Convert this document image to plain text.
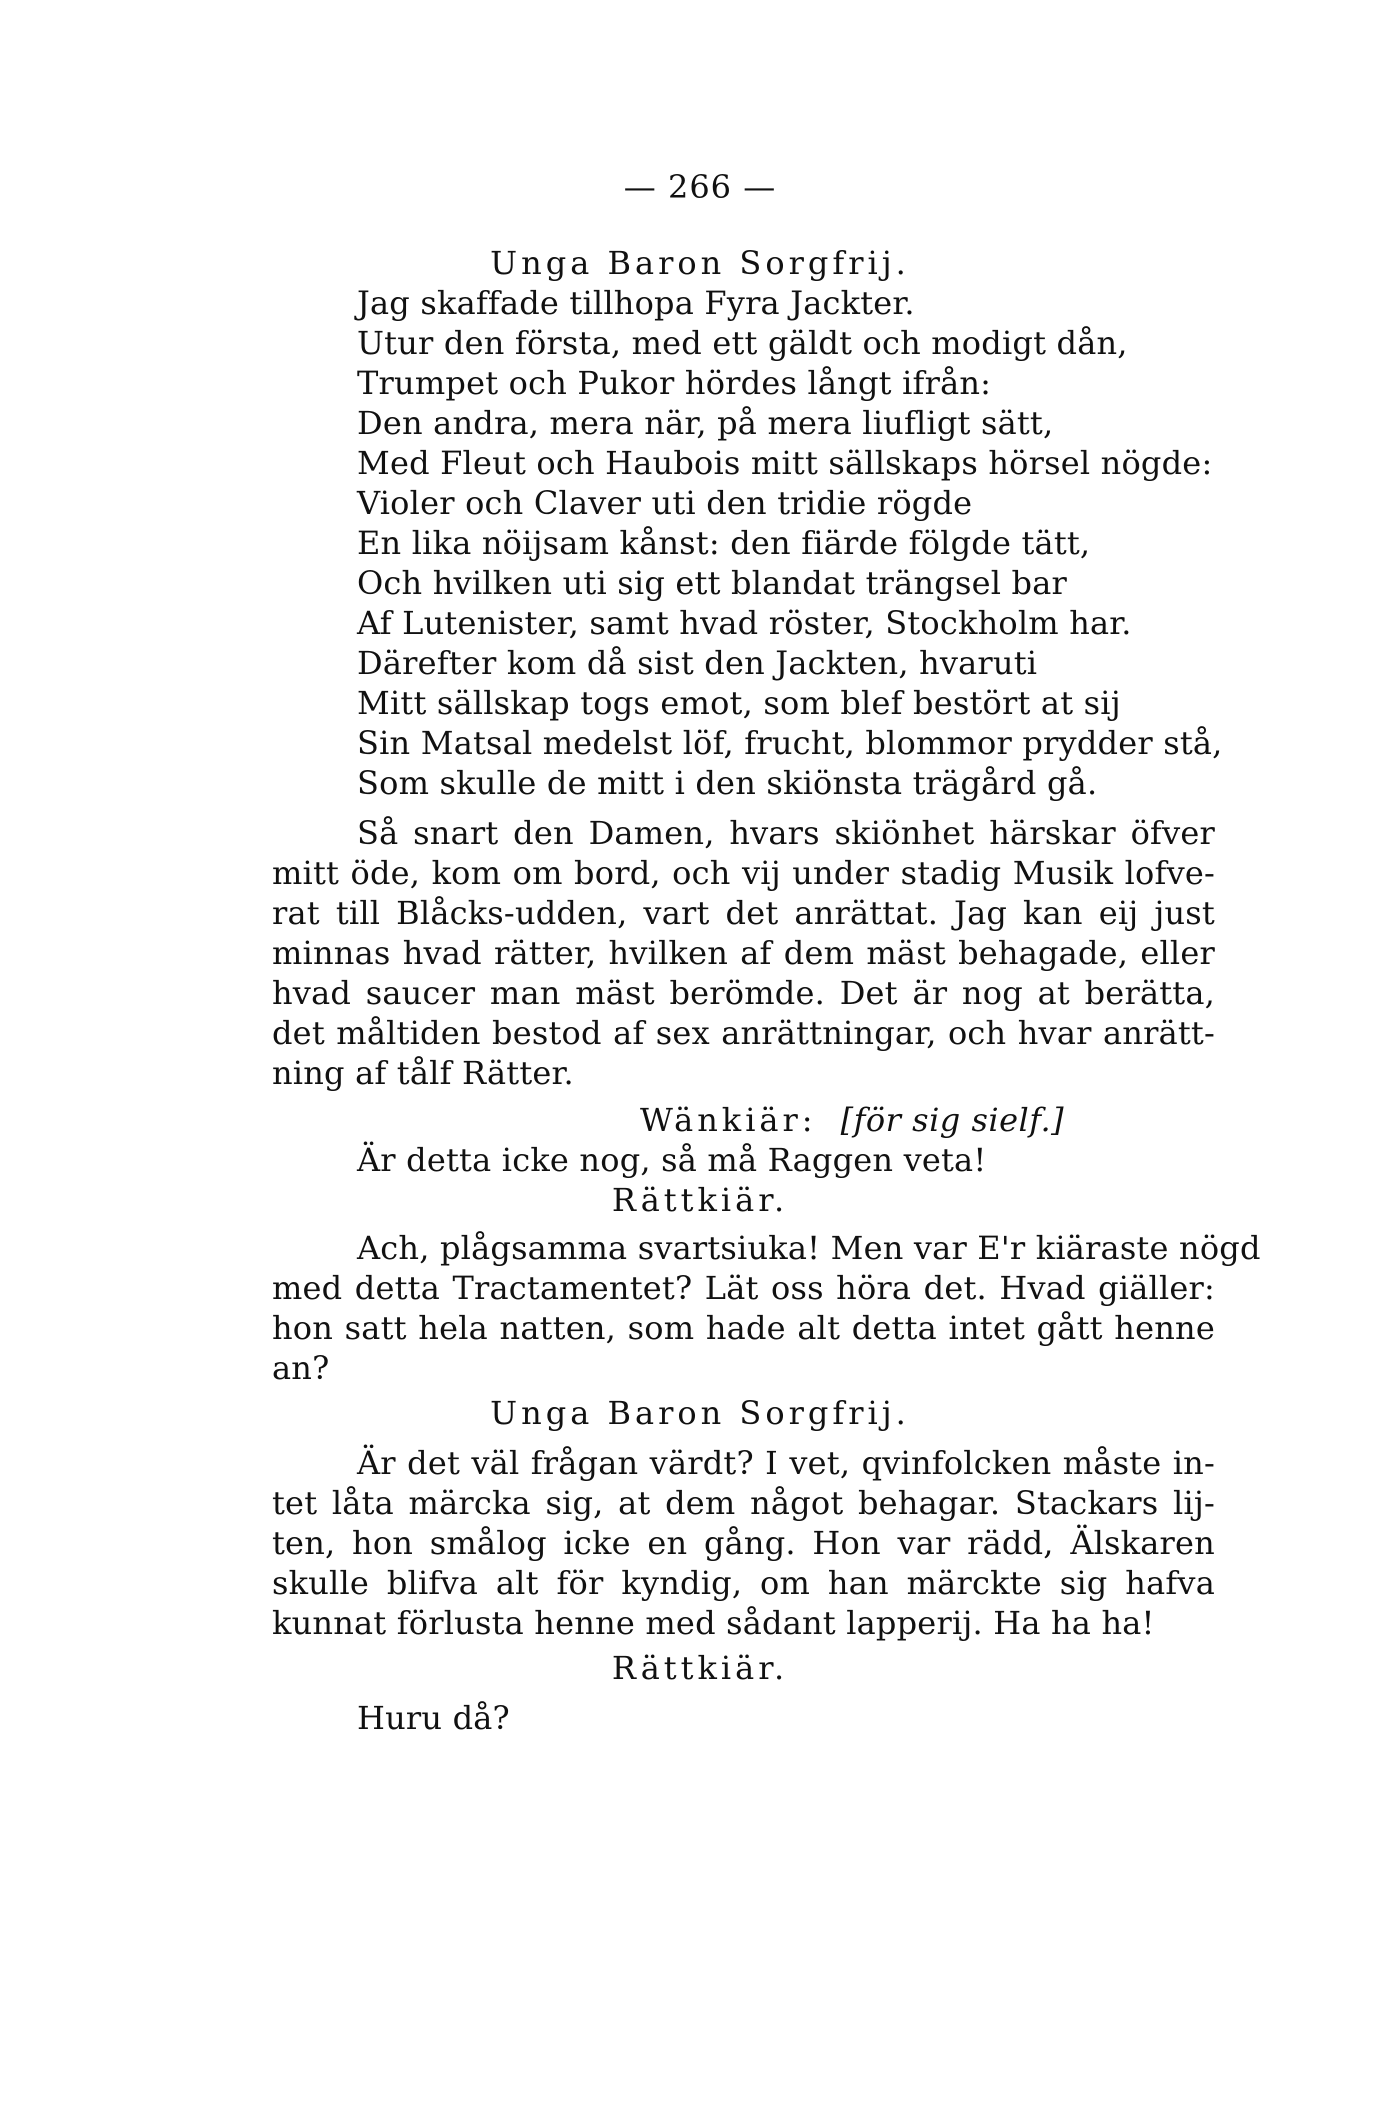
— 266 —
Unga Baron Sorgfrij.
Jag skaffade tillhopa Fyra Jackter.
Utur den första, med ett gäldt och modigt dån,
Trumpet och Pukor hördes långt ifrån:
Den andra, mera när, på mera liufligt sätt,
Med Fleut och Haubois mitt sällskaps hörsel nögde:
Violer och Claver uti den tridie rögde
En lika nöijsam kånst: den fiärde fölgde tätt,
Och hvilken uti sig ett blandat trängsel bar
Af Lutenister, samt hvad röster, Stockholm har.
Därefter kom då sist den Jackten, hvaruti
Mitt sällskap togs emot, som blef bestört at sij
Sin Matsal medelst löf, frucht, blommor prydder stå,
Som skulle de mitt i den skiönsta trägård gå.
Så snart den Damen, hvars skiönhet härskar öfver
mitt öde, kom om bord, och vij under stadig Musik lofve-
rat till Blåcks-udden, vart det anrättat. Jag kan eij just
minnas hvad rätter, hvilken af dem mäst behagade, eller
hvad saucer man mäst berömde. Det är nog at berätta,
det måltiden bestod af sex anrättningar, och hvar anrätt-
ning af tålf Rätter.
Wänkiär: [för sig sielf.]
Är detta icke nog, så må Raggen veta!
Rättkiär.
Ach, plågsamma svartsiuka! Men var E'r kiäraste nögd
med detta Tractamentet? Lät oss höra det. Hvad giäller:
hon satt hela natten, som hade alt detta intet gått henne
an?
Unga Baron Sorgfrij.
Är det väl frågan värdt? I vet, qvinfolcken måste in-
tet låta märcka sig, at dem något behagar. Stackars lij-
ten, hon smålog icke en gång. Hon var rädd, Älskaren
skulle blifva alt för kyndig, om han märckte sig hafva
kunnat förlusta henne med sådant lapperij. Ha ha ha!
Rättkiär.
Huru då?
